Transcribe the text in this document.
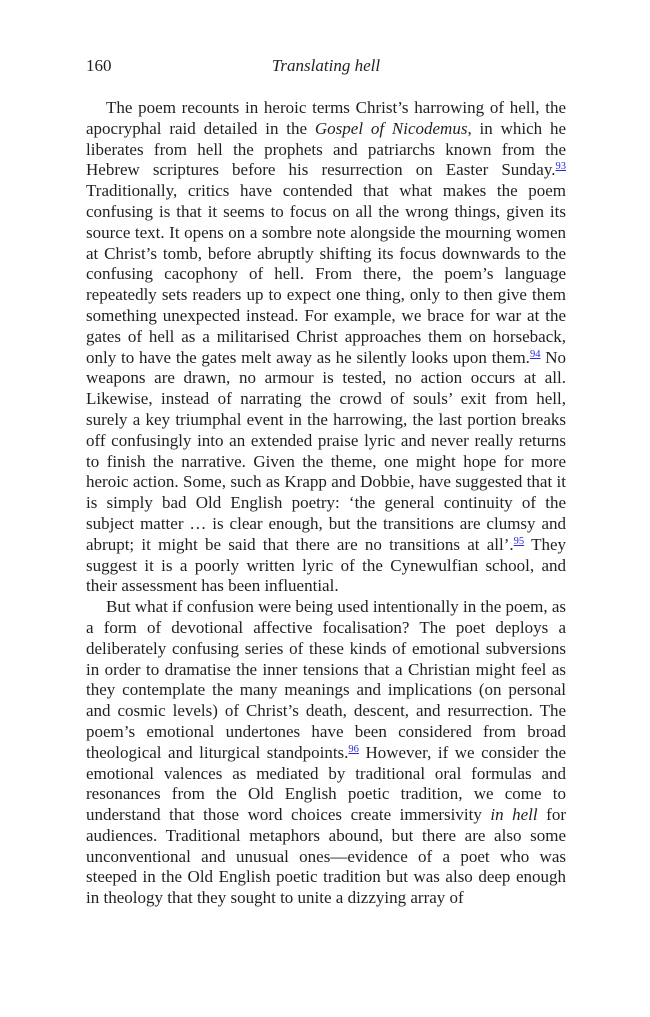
160	Translating hell

The poem recounts in heroic terms Christ’s harrowing of hell, the apocryphal raid detailed in the Gospel of Nicodemus, in which he liberates from hell the prophets and patriarchs known from the Hebrew scriptures before his resurrection on Easter Sunday.$^{93}$ Traditionally, critics have contended that what makes the poem confusing is that it seems to focus on all the wrong things, given its source text. It opens on a sombre note alongside the mourning women at Christ’s tomb, before abruptly shifting its focus downwards to the confusing cacophony of hell. From there, the poem’s language repeatedly sets readers up to expect one thing, only to then give them something unexpected instead. For example, we brace for war at the gates of hell as a militarised Christ approaches them on horseback, only to have the gates melt away as he silently looks upon them.$^{94}$ No weapons are drawn, no armour is tested, no action occurs at all. Likewise, instead of narrating the crowd of souls’ exit from hell, surely a key triumphal event in the harrowing, the last portion breaks off confusingly into an extended praise lyric and never really returns to finish the narrative. Given the theme, one might hope for more heroic action. Some, such as Krapp and Dobbie, have suggested that it is simply bad Old English poetry: ‘the general continuity of the subject matter … is clear enough, but the transitions are clumsy and abrupt; it might be said that there are no transitions at all’.$^{95}$ They suggest it is a poorly written lyric of the Cynewulfian school, and their assessment has been influential.

But what if confusion were being used intentionally in the poem, as a form of devotional affective focalisation? The poet deploys a deliberately confusing series of these kinds of emotional subversions in order to dramatise the inner tensions that a Christian might feel as they contemplate the many meanings and implications (on personal and cosmic levels) of Christ’s death, descent, and resurrection. The poem’s emotional undertones have been considered from broad theological and liturgical standpoints.$^{96}$ However, if we consider the emotional valences as mediated by traditional oral formulas and resonances from the Old English poetic tradition, we come to understand that those word choices create immersivity in hell for audiences. Traditional metaphors abound, but there are also some unconventional and unusual ones—evidence of a poet who was steeped in the Old English poetic tradition but was also deep enough in theology that they sought to unite a dizzying array of
